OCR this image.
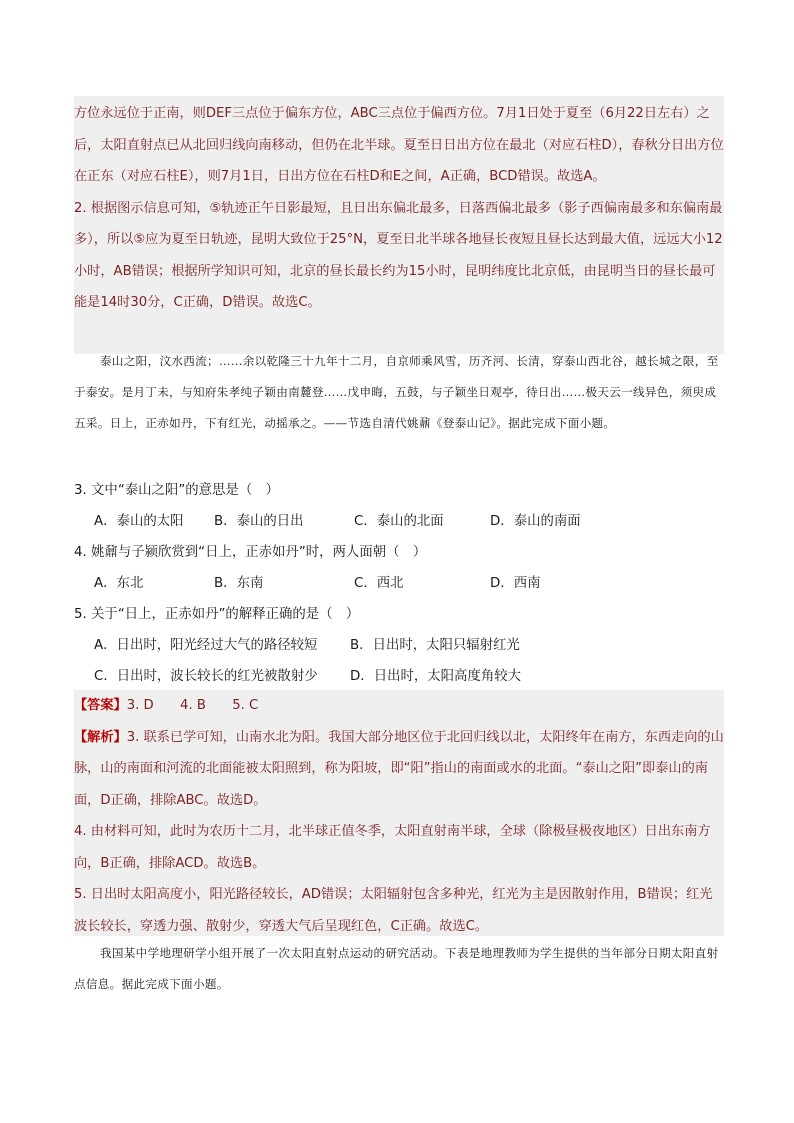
方位永远位于正南，则DEF三点位于偏东方位，ABC三点位于偏西方位。7月1日处于夏至（6月22日左右）之后，太阳直射点已从北回归线向南移动，但仍在北半球。夏至日日出方位在最北（对应石柱D），春秋分日出方位在正东（对应石柱E），则7月1日，日出方位在石柱D和E之间，A正确，BCD错误。故选A。

2. 根据图示信息可知，⑤轨迹正午日影最短，且日出东偏北最多，日落西偏北最多（影子西偏南最多和东偏南最多），所以⑤应为夏至日轨迹，昆明大致位于25°N，夏至日北半球各地昼长夜短且昼长达到最大值，远远大小12小时，AB错误；根据所学知识可知，北京的昼长最长约为15小时，昆明纬度比北京低，由昆明当日的昼长最可能是14时30分，C正确，D错误。故选C。

泰山之阳，汶水西流；……余以乾隆三十九年十二月，自京师乘风雪，历齐河、长清，穿泰山西北谷，越长城之限，至于泰安。是月丁未，与知府朱孝纯子颖由南麓登……戊申晦，五鼓，与子颖坐日观亭，待日出……极天云一线异色，须臾成五采。日上，正赤如丹，下有红光，动摇承之。——节选自清代姚鼐《登泰山记》。据此完成下面小题。

3. 文中“泰山之阳”的意思是（　）
A．泰山的太阳 B．泰山的日出	C．泰山的北面	D．泰山的南面
4. 姚鼐与子颍欣赏到“日上，正赤如丹”时，两人面朝（　）
A．东北	B．东南	C．西北	D．西南
5. 关于“日上，正赤如丹”的解释正确的是（　）
A．日出时，阳光经过大气的路径较短 B．日出时，太阳只辐射红光
C．日出时，波长较长的红光被散射少 D．日出时，太阳高度角较大

【答案】3. D　　4. B　　5. C

【解析】3. 联系已学可知，山南水北为阳。我国大部分地区位于北回归线以北，太阳终年在南方，东西走向的山脉，山的南面和河流的北面能被太阳照到，称为阳坡，即“阳”指山的南面或水的北面。“泰山之阳”即泰山的南面，D正确，排除ABC。故选D。

4. 由材料可知，此时为农历十二月，北半球正值冬季，太阳直射南半球，全球（除极昼极夜地区）日出东南方向，B正确，排除ACD。故选B。

5. 日出时太阳高度小，阳光路径较长，AD错误；太阳辐射包含多种光，红光为主是因散射作用，B错误；红光波长较长，穿透力强、散射少，穿透大气后呈现红色，C正确。故选C。

我国某中学地理研学小组开展了一次太阳直射点运动的研究活动。下表是地理教师为学生提供的当年部分日期太阳直射点信息。据此完成下面小题。
